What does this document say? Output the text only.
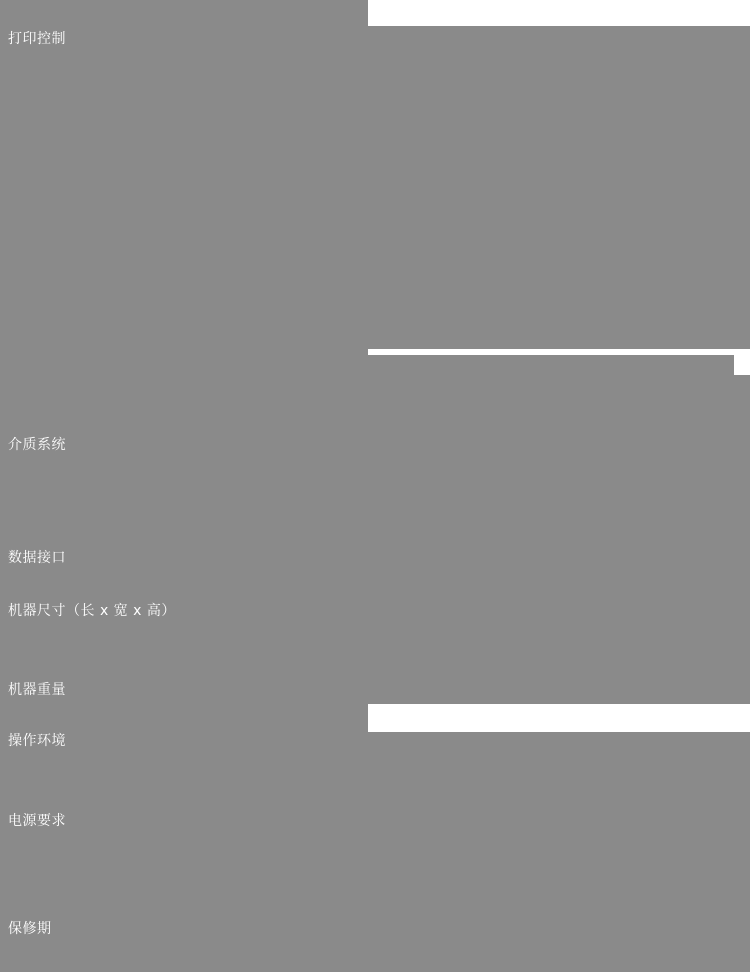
打印控制
介质系统
数据接口
机器尺寸（长 x 宽 x 高）
机器重量
操作环境
电源要求
保修期
